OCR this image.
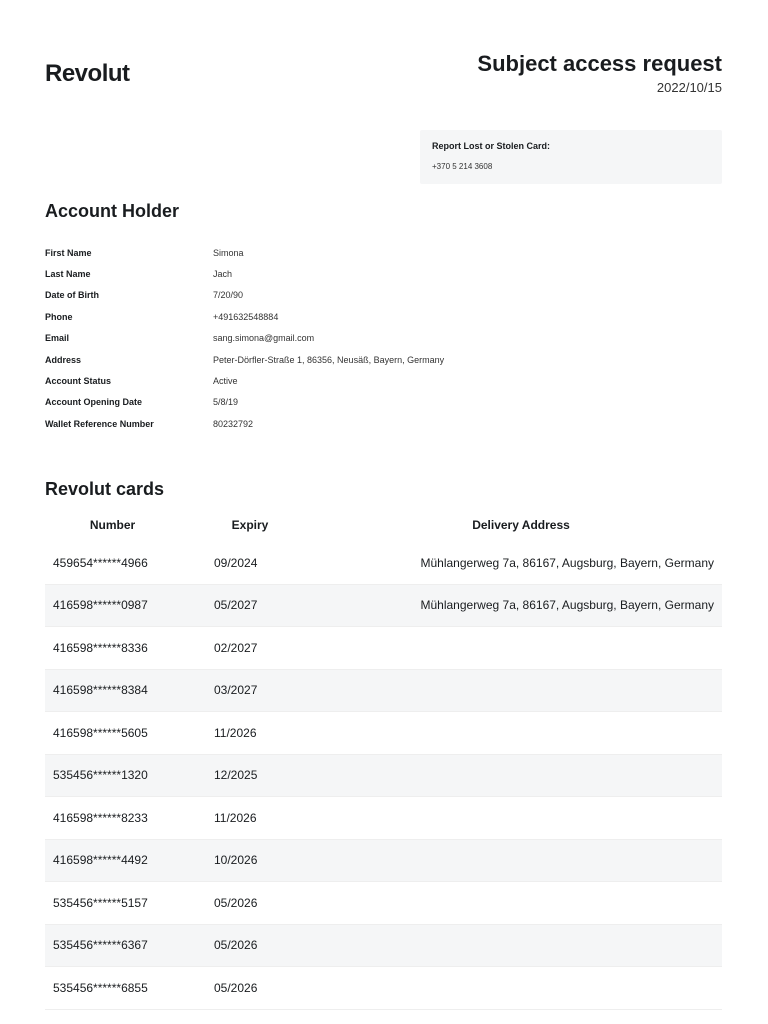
Revolut	Subject access request
2022/10/15
Report Lost or Stolen Card:
+370 5 214 3608
Account Holder
First Name	Simona
Last Name	Jach
Date of Birth	7/20/90
Phone	+491632548884
Email	sang.simona@gmail.com
Address	Peter-Dörfler-Straße 1, 86356, Neusäß, Bayern, Germany
Account Status	Active
Account Opening Date	5/8/19
Wallet Reference Number	80232792
Revolut cards
Number	Expiry	Delivery Address
459654******4966	09/2024	Mühlangerweg 7a, 86167, Augsburg, Bayern, Germany
416598******0987	05/2027	Mühlangerweg 7a, 86167, Augsburg, Bayern, Germany
416598******8336	02/2027
416598******8384	03/2027
416598******5605	11/2026
535456******1320	12/2025
416598******8233	11/2026
416598******4492	10/2026
535456******5157	05/2026
535456******6367	05/2026
535456******6855	05/2026
